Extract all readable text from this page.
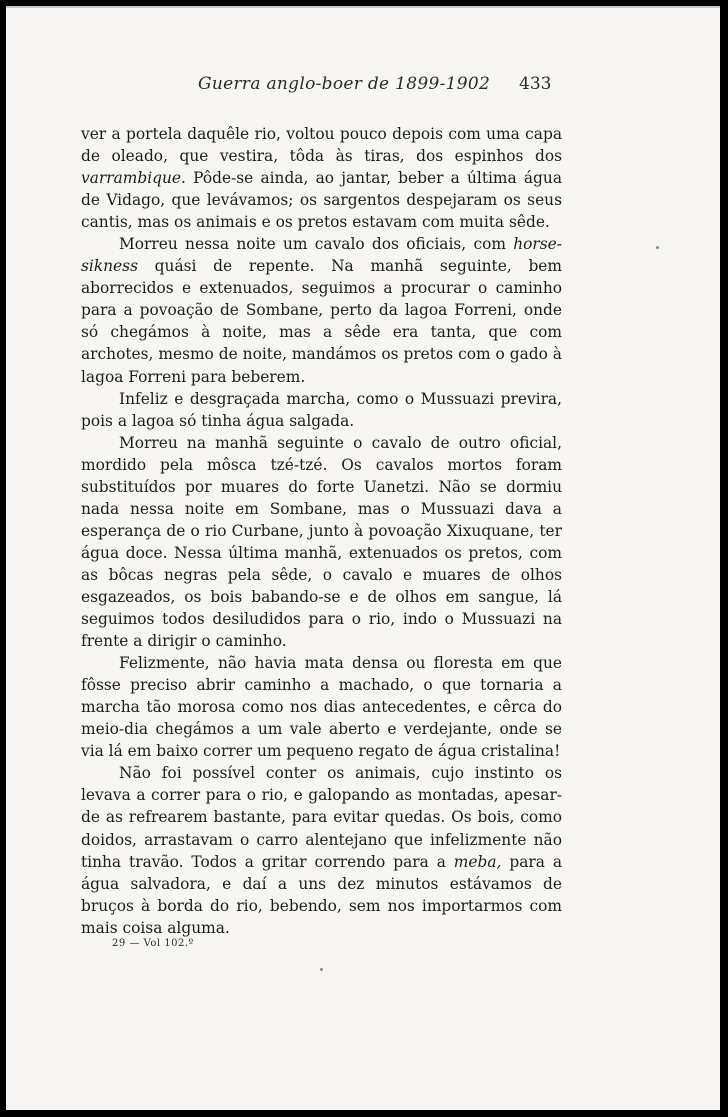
Guerra anglo-boer de 1899-1902 433

ver a portela daquêle rio, voltou pouco depois com uma capa de oleado, que vestira, tôda às tiras, dos espinhos dos varrambique. Pôde-se ainda, ao jantar, beber a última água de Vidago, que levávamos; os sargentos despejaram os seus cantis, mas os animais e os pretos estavam com muita sêde.

Morreu nessa noite um cavalo dos oficiais, com horse-sikness quási de repente. Na manhã seguinte, bem aborrecidos e extenuados, seguimos a procurar o caminho para a povoação de Sombane, perto da lagoa Forreni, onde só chegámos à noite, mas a sêde era tanta, que com archotes, mesmo de noite, mandámos os pretos com o gado à lagoa Forreni para beberem.

Infeliz e desgraçada marcha, como o Mussuazi previra, pois a lagoa só tinha água salgada.

Morreu na manhã seguinte o cavalo de outro oficial, mordido pela môsca tzé-tzé. Os cavalos mortos foram substituídos por muares do forte Uanetzi. Não se dormiu nada nessa noite em Sombane, mas o Mussuazi dava a esperança de o rio Curbane, junto à povoação Xixuquane, ter água doce. Nessa última manhã, extenuados os pretos, com as bôcas negras pela sêde, o cavalo e muares de olhos esgazeados, os bois babando-se e de olhos em sangue, lá seguimos todos desiludidos para o rio, indo o Mussuazi na frente a dirigir o caminho.

Felizmente, não havia mata densa ou floresta em que fôsse preciso abrir caminho a machado, o que tornaria a marcha tão morosa como nos dias antecedentes, e cêrca do meio-dia chegámos a um vale aberto e verdejante, onde se via lá em baixo correr um pequeno regato de água cristalina!

Não foi possível conter os animais, cujo instinto os levava a correr para o rio, e galopando as montadas, apesar-de as refrearem bastante, para evitar quedas. Os bois, como doidos, arrastavam o carro alentejano que infelizmente não tinha travão. Todos a gritar correndo para a meba, para a água salvadora, e daí a uns dez minutos estávamos de bruços à borda do rio, bebendo, sem nos importarmos com mais coisa alguma.

29 — Vol 102.º
